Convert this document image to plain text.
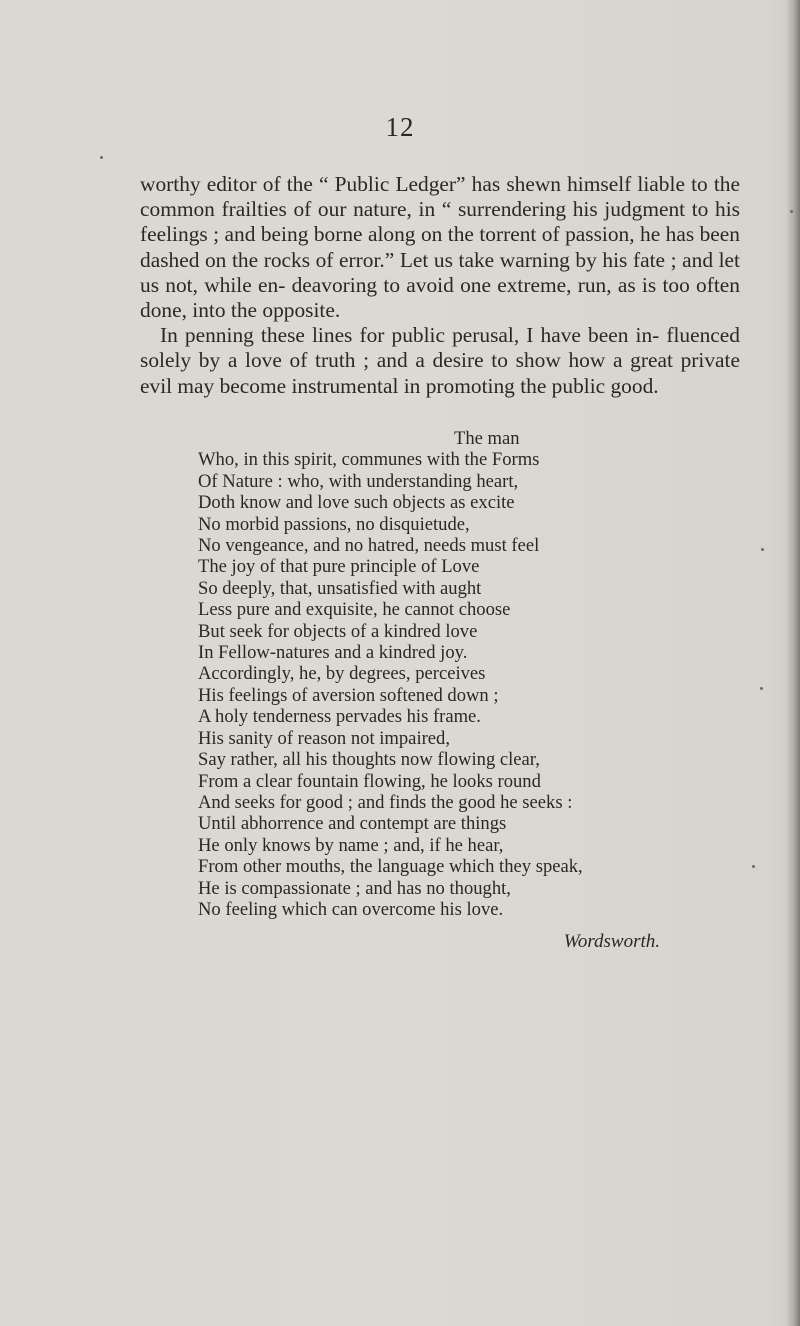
12

worthy editor of the “ Public Ledger” has shewn himself liable to the common frailties of our nature, in “ surrendering his judgment to his feelings ; and being borne along on the torrent of passion, he has been dashed on the rocks of error.” Let us take warning by his fate ; and let us not, while en- deavoring to avoid one extreme, run, as is too often done, into the opposite.

In penning these lines for public perusal, I have been in- fluenced solely by a love of truth ; and a desire to show how a great private evil may become instrumental in promoting the public good.

The man
Who, in this spirit, communes with the Forms
Of Nature : who, with understanding heart,
Doth know and love such objects as excite
No morbid passions, no disquietude,
No vengeance, and no hatred, needs must feel
The joy of that pure principle of Love
So deeply, that, unsatisfied with aught
Less pure and exquisite, he cannot choose
But seek for objects of a kindred love
In Fellow-natures and a kindred joy.
Accordingly, he, by degrees, perceives
His feelings of aversion softened down ;
A holy tenderness pervades his frame.
His sanity of reason not impaired,
Say rather, all his thoughts now flowing clear,
From a clear fountain flowing, he looks round
And seeks for good ; and finds the good he seeks :
Until abhorrence and contempt are things
He only knows by name ; and, if he hear,
From other mouths, the language which they speak,
He is compassionate ; and has no thought,
No feeling which can overcome his love.
Wordsworth.
